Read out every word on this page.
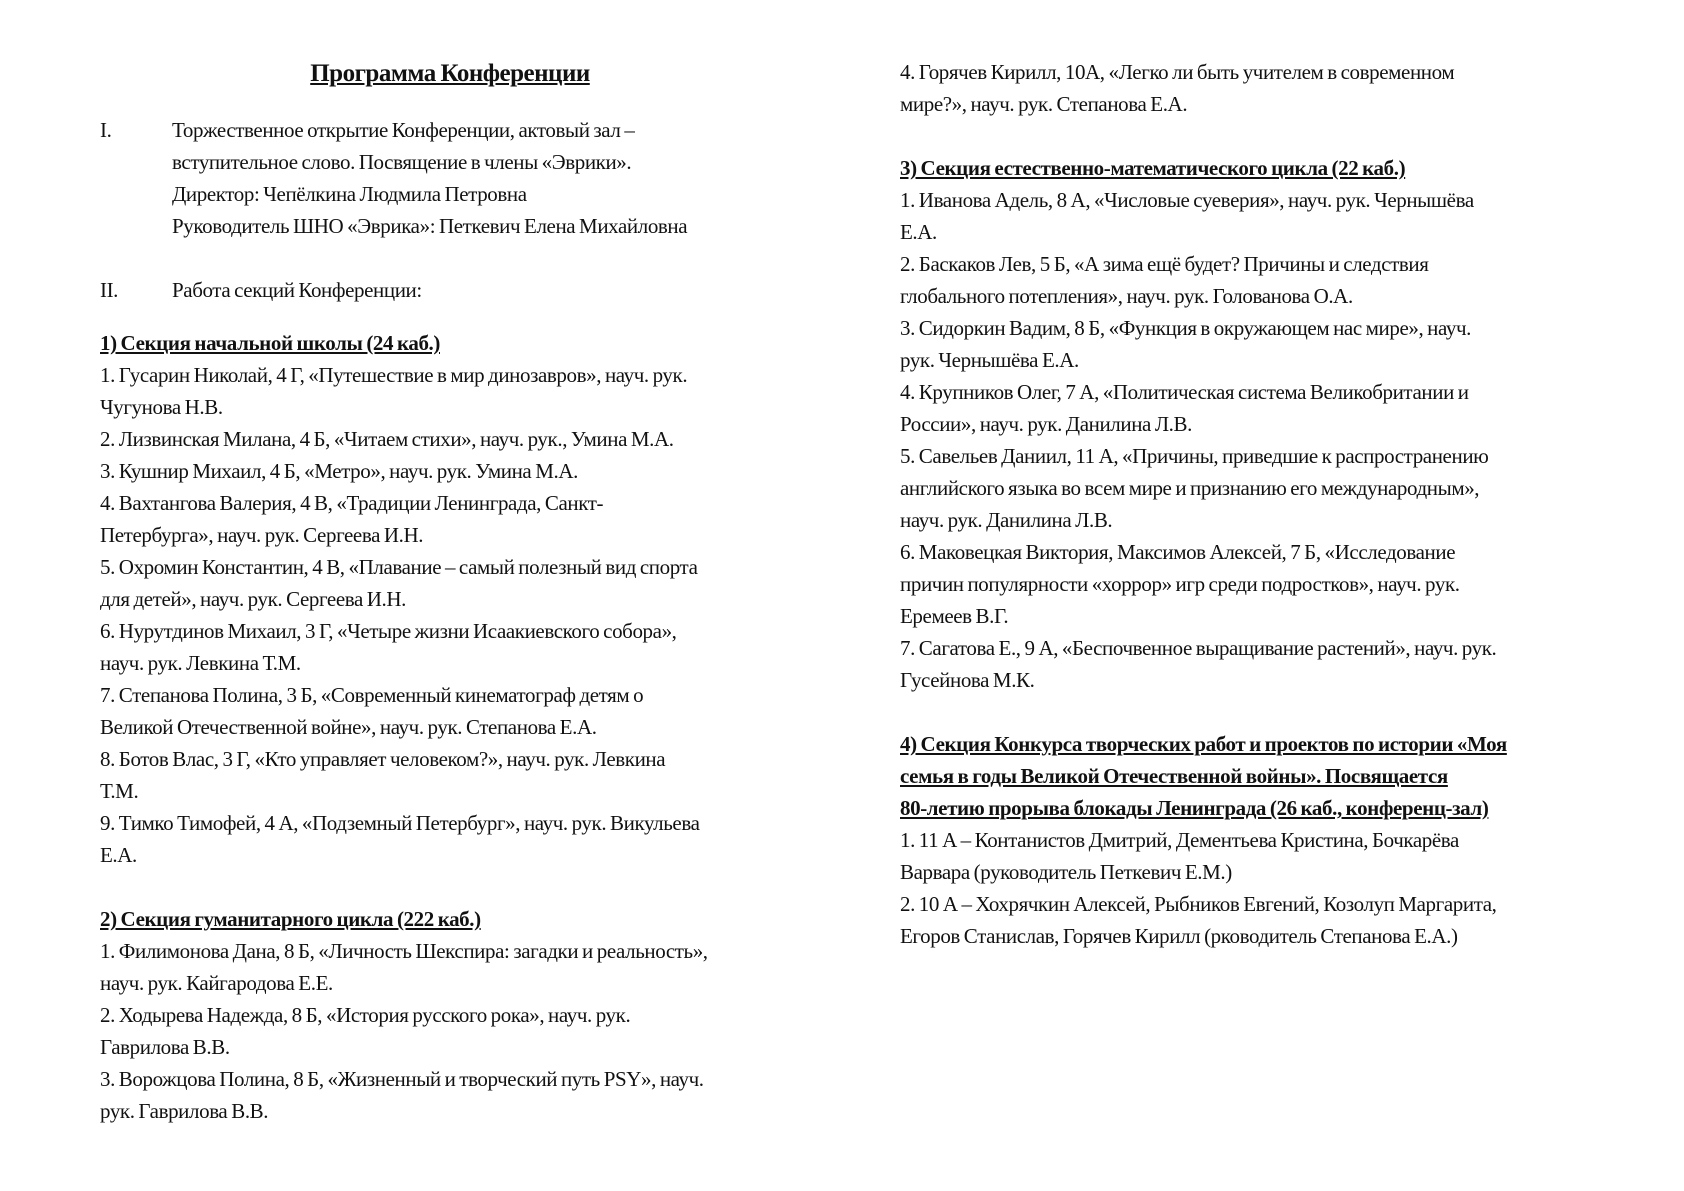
Программа Конференции
I.	Торжественное открытие Конференции, актовый зал –
вступительное слово. Посвящение в члены «Эврики».
Директор: Чепёлкина Людмила Петровна
Руководитель ШНО «Эврика»: Петкевич Елена Михайловна
II.	Работа секций Конференции:
1) Секция начальной школы (24 каб.)
1. Гусарин Николай, 4 Г, «Путешествие в мир динозавров», науч. рук.
Чугунова Н.В.
2. Лизвинская Милана, 4 Б, «Читаем стихи», науч. рук., Умина М.А.
3. Кушнир Михаил, 4 Б, «Метро», науч. рук. Умина М.А.
4. Вахтангова Валерия, 4 В, «Традиции Ленинграда, Санкт-
Петербурга», науч. рук. Сергеева И.Н.
5. Охромин Константин, 4 В, «Плавание – самый полезный вид спорта
для детей», науч. рук. Сергеева И.Н.
6. Нурутдинов Михаил, 3 Г, «Четыре жизни Исаакиевского собора»,
науч. рук. Левкина Т.М.
7. Степанова Полина, 3 Б, «Современный кинематограф детям о
Великой Отечественной войне», науч. рук. Степанова Е.А.
8. Ботов Влас, 3 Г, «Кто управляет человеком?», науч. рук. Левкина
Т.М.
9. Тимко Тимофей, 4 А, «Подземный Петербург», науч. рук. Викульева
Е.А.
2) Секция гуманитарного цикла (222 каб.)
1. Филимонова Дана, 8 Б, «Личность Шекспира: загадки и реальность»,
науч. рук. Кайгародова Е.Е.
2. Ходырева Надежда, 8 Б, «История русского рока», науч. рук.
Гаврилова В.В.
3. Ворожцова Полина, 8 Б, «Жизненный и творческий путь PSY», науч.
рук. Гаврилова В.В.
4. Горячев Кирилл, 10А, «Легко ли быть учителем в современном
мире?», науч. рук. Степанова Е.А.
3) Секция естественно-математического цикла (22 каб.)
1. Иванова Адель, 8 А, «Числовые суеверия», науч. рук. Чернышёва
Е.А.
2. Баскаков Лев, 5 Б, «А зима ещё будет? Причины и следствия
глобального потепления», науч. рук. Голованова О.А.
3. Сидоркин Вадим, 8 Б, «Функция в окружающем нас мире», науч.
рук. Чернышёва Е.А.
4. Крупников Олег, 7 А, «Политическая система Великобритании и
России», науч. рук. Данилина Л.В.
5. Савельев Даниил, 11 А, «Причины, приведшие к распространению
английского языка во всем мире и признанию его международным»,
науч. рук. Данилина Л.В.
6. Маковецкая Виктория, Максимов Алексей, 7 Б, «Исследование
причин популярности «хоррор» игр среди подростков», науч. рук.
Еремеев В.Г.
7. Сагатова Е., 9 А, «Беспочвенное выращивание растений», науч. рук.
Гусейнова М.К.
4) Секция Конкурса творческих работ и проектов по истории «Моя
семья в годы Великой Отечественной войны». Посвящается
80-летию прорыва блокады Ленинграда (26 каб., конференц-зал)
1. 11 А – Контанистов Дмитрий, Дементьева Кристина, Бочкарёва
Варвара (руководитель Петкевич Е.М.)
2. 10 А – Хохрячкин Алексей, Рыбников Евгений, Козолуп Маргарита,
Егоров Станислав, Горячев Кирилл (рководитель Степанова Е.А.)
